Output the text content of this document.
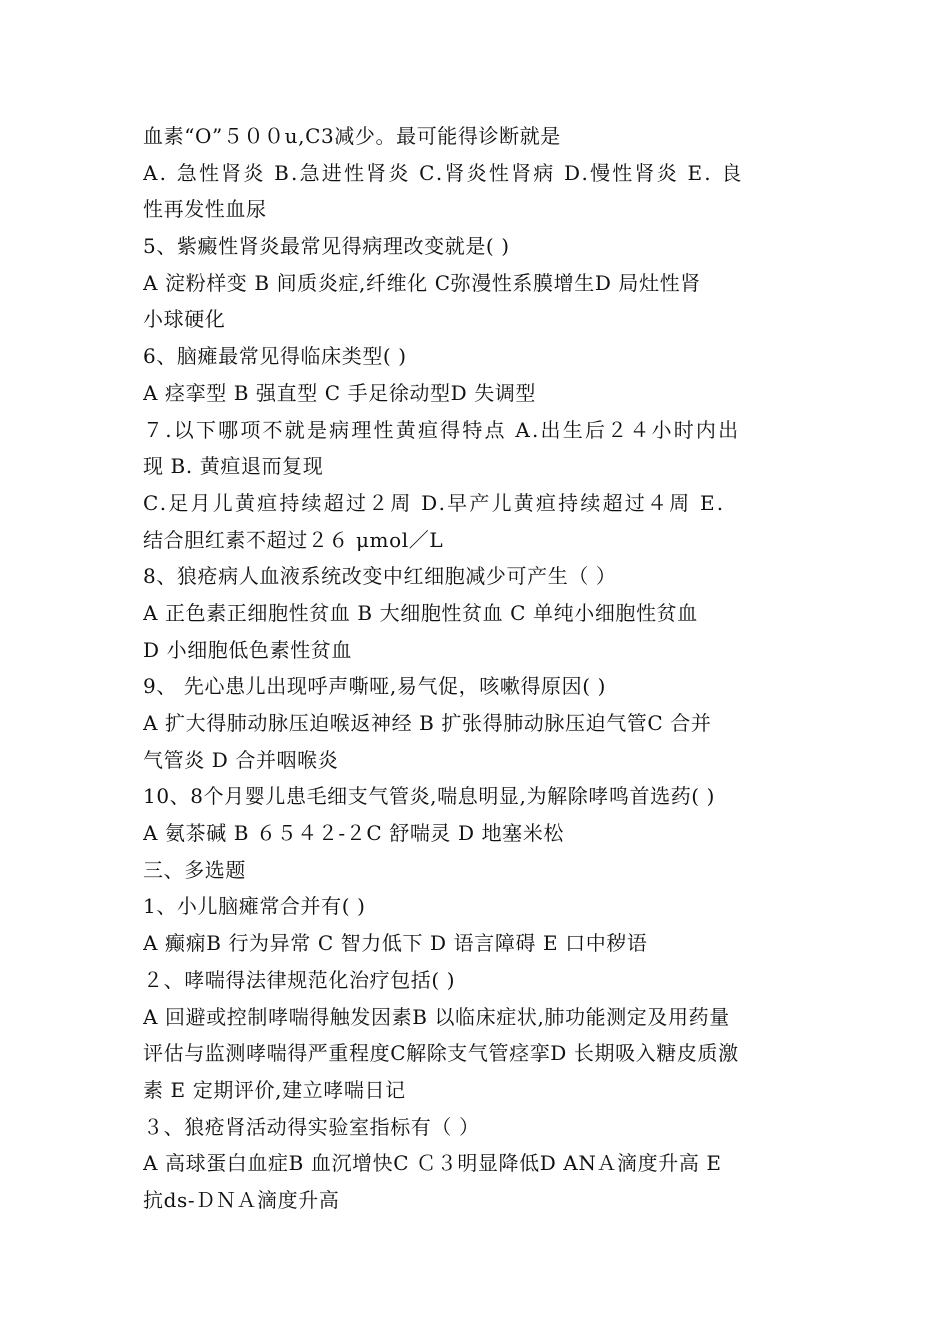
血素“O”５００u,C3减少。最可能得诊断就是
A. 急性肾炎 B.急进性肾炎 C.肾炎性肾病 D.慢性肾炎 E. 良
性再发性血尿
5、紫癜性肾炎最常见得病理改变就是( )
A 淀粉样变 B 间质炎症,纤维化 C弥漫性系膜增生D 局灶性肾
小球硬化
6、脑瘫最常见得临床类型( )
A 痉挛型 B 强直型 C 手足徐动型D 失调型
７.以下哪项不就是病理性黄疸得特点 A.出生后２４小时内出
现 B. 黄疸退而复现
C.足月儿黄疸持续超过２周 D.早产儿黄疸持续超过４周 E.
结合胆红素不超过２６ μmol／L
8、狼疮病人血液系统改变中红细胞减少可产生（ ）
A 正色素正细胞性贫血 B 大细胞性贫血 C 单纯小细胞性贫血
D 小细胞低色素性贫血
9、 先心患儿出现呼声嘶哑,易气促，咳嗽得原因( )
A 扩大得肺动脉压迫喉返神经 B 扩张得肺动脉压迫气管C 合并
气管炎 D 合并咽喉炎
10、8个月婴儿患毛细支气管炎,喘息明显,为解除哮鸣首选药( )
A 氨茶碱 B ６５４２-２C 舒喘灵 D 地塞米松
三、多选题
1、小儿脑瘫常合并有( )
A 癫痫B 行为异常 C 智力低下 D 语言障碍 E 口中秽语
２、哮喘得法律规范化治疗包括( )
A 回避或控制哮喘得触发因素B 以临床症状,肺功能测定及用药量
评估与监测哮喘得严重程度C解除支气管痉挛D 长期吸入糖皮质激
素 E 定期评价,建立哮喘日记
３、狼疮肾活动得实验室指标有（ ）
A 高球蛋白血症B 血沉增快C Ｃ３明显降低D ANＡ滴度升高 E
抗ds-ＤＮＡ滴度升高
